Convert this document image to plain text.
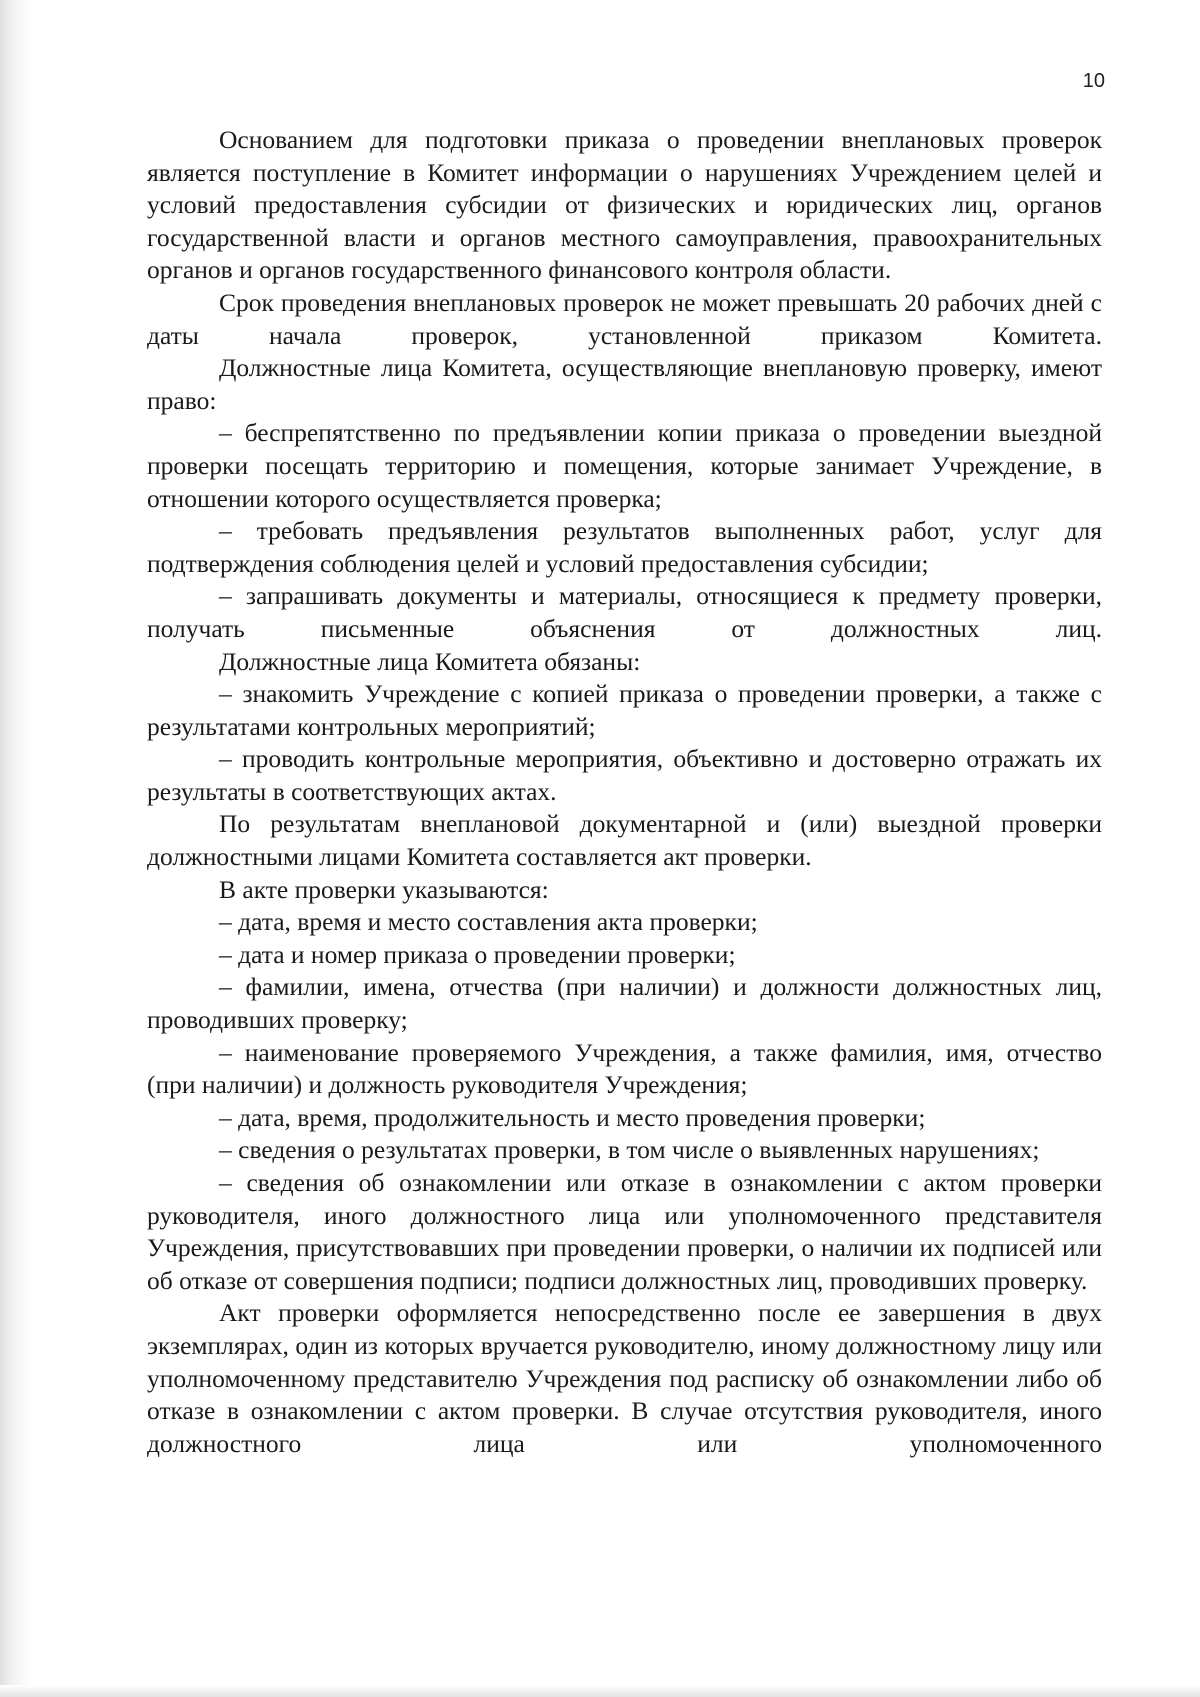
10

Основанием для подготовки приказа о проведении внеплановых проверок является поступление в Комитет информации о нарушениях Учреждением целей и условий предоставления субсидии от физических и юридических лиц, органов государственной власти и органов местного самоуправления, правоохранительных органов и органов государственного финансового контроля области.

Срок проведения внеплановых проверок не может превышать 20 рабочих дней с даты начала проверок, установленной приказом Комитета.

Должностные лица Комитета, осуществляющие внеплановую проверку, имеют право:

– беспрепятственно по предъявлении копии приказа о проведении выездной проверки посещать территорию и помещения, которые занимает Учреждение, в отношении которого осуществляется проверка;

– требовать предъявления результатов выполненных работ, услуг для подтверждения соблюдения целей и условий предоставления субсидии;

– запрашивать документы и материалы, относящиеся к предмету проверки, получать письменные объяснения от должностных лиц.

Должностные лица Комитета обязаны:

– знакомить Учреждение с копией приказа о проведении проверки, а также с результатами контрольных мероприятий;

– проводить контрольные мероприятия, объективно и достоверно отражать их результаты в соответствующих актах.

По результатам внеплановой документарной и (или) выездной проверки должностными лицами Комитета составляется акт проверки.

В акте проверки указываются:

– дата, время и место составления акта проверки;

– дата и номер приказа о проведении проверки;

– фамилии, имена, отчества (при наличии) и должности должностных лиц, проводивших проверку;

– наименование проверяемого Учреждения, а также фамилия, имя, отчество (при наличии) и должность руководителя Учреждения;

– дата, время, продолжительность и место проведения проверки;

– сведения о результатах проверки, в том числе о выявленных нарушениях;

– сведения об ознакомлении или отказе в ознакомлении с актом проверки руководителя, иного должностного лица или уполномоченного представителя Учреждения, присутствовавших при проведении проверки, о наличии их подписей или об отказе от совершения подписи; подписи должностных лиц, проводивших проверку.

Акт проверки оформляется непосредственно после ее завершения в двух экземплярах, один из которых вручается руководителю, иному должностному лицу или уполномоченному представителю Учреждения под расписку об ознакомлении либо об отказе в ознакомлении с актом проверки. В случае отсутствия руководителя, иного должностного лица или уполномоченного
